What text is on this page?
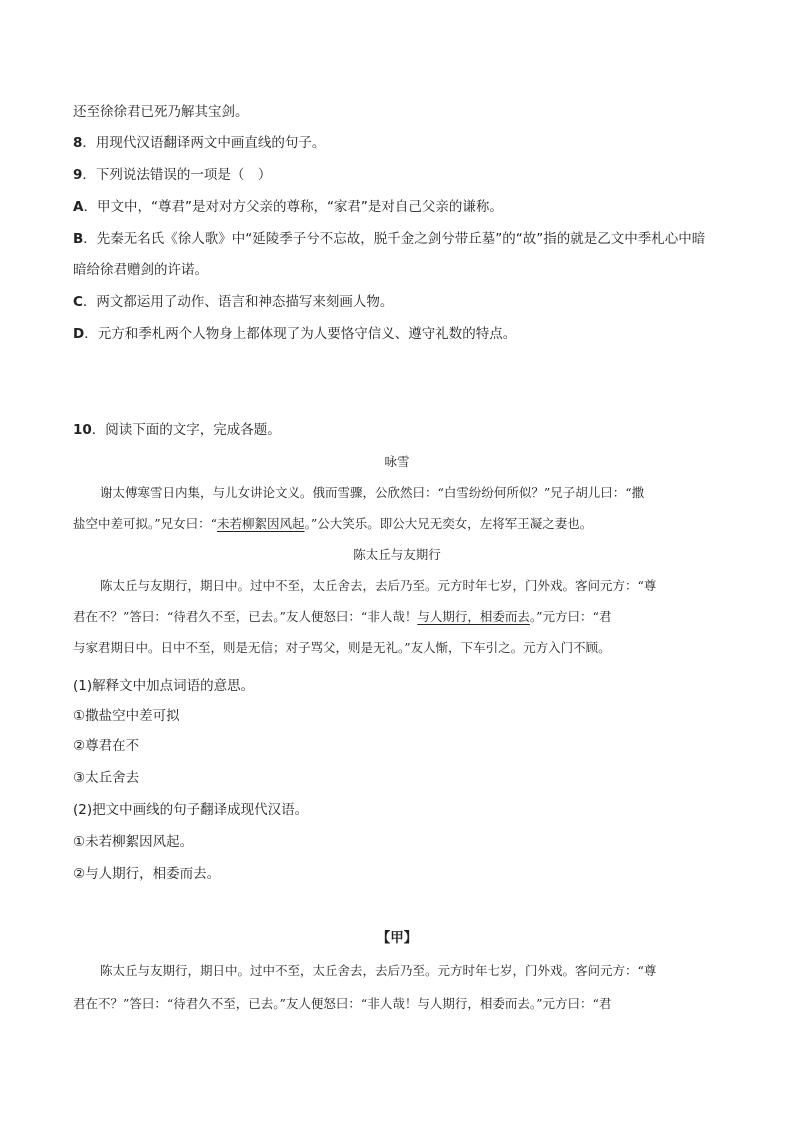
还至徐徐君已死乃解其宝剑。
8．用现代汉语翻译两文中画直线的句子。
9．下列说法错误的一项是（　）
A．甲文中，“尊君”是对对方父亲的尊称，“家君”是对自己父亲的谦称。
B．先秦无名氏《徐人歌》中“延陵季子兮不忘故，脱千金之剑兮带丘墓”的“故”指的就是乙文中季札心中暗
暗给徐君赠剑的许诺。
C．两文都运用了动作、语言和神态描写来刻画人物。
D．元方和季札两个人物身上都体现了为人要恪守信义、遵守礼数的特点。
10．阅读下面的文字，完成各题。
咏雪
谢太傅寒雪日内集，与儿女讲论文义。俄而雪骤，公欣然曰：“白雪纷纷何所似？”兄子胡儿曰：“撒
盐空中差可拟。”兄女曰：“未若柳絮因风起。”公大笑乐。即公大兄无奕女，左将军王凝之妻也。
陈太丘与友期行
陈太丘与友期行，期日中。过中不至，太丘舍去，去后乃至。元方时年七岁，门外戏。客问元方：“尊
君在不？”答曰：“待君久不至，已去。”友人便怒曰：“非人哉！与人期行，相委而去。”元方曰：“君
与家君期日中。日中不至，则是无信；对子骂父，则是无礼。”友人惭，下车引之。元方入门不顾。
(1)解释文中加点词语的意思。
①撒盐空中差可拟
②尊君在不
③太丘舍去
(2)把文中画线的句子翻译成现代汉语。
①未若柳絮因风起。
②与人期行，相委而去。
【甲】
陈太丘与友期行，期日中。过中不至，太丘舍去，去后乃至。元方时年七岁，门外戏。客问元方：“尊
君在不？”答曰：“待君久不至，已去。”友人便怒曰：“非人哉！与人期行，相委而去。”元方曰：“君
